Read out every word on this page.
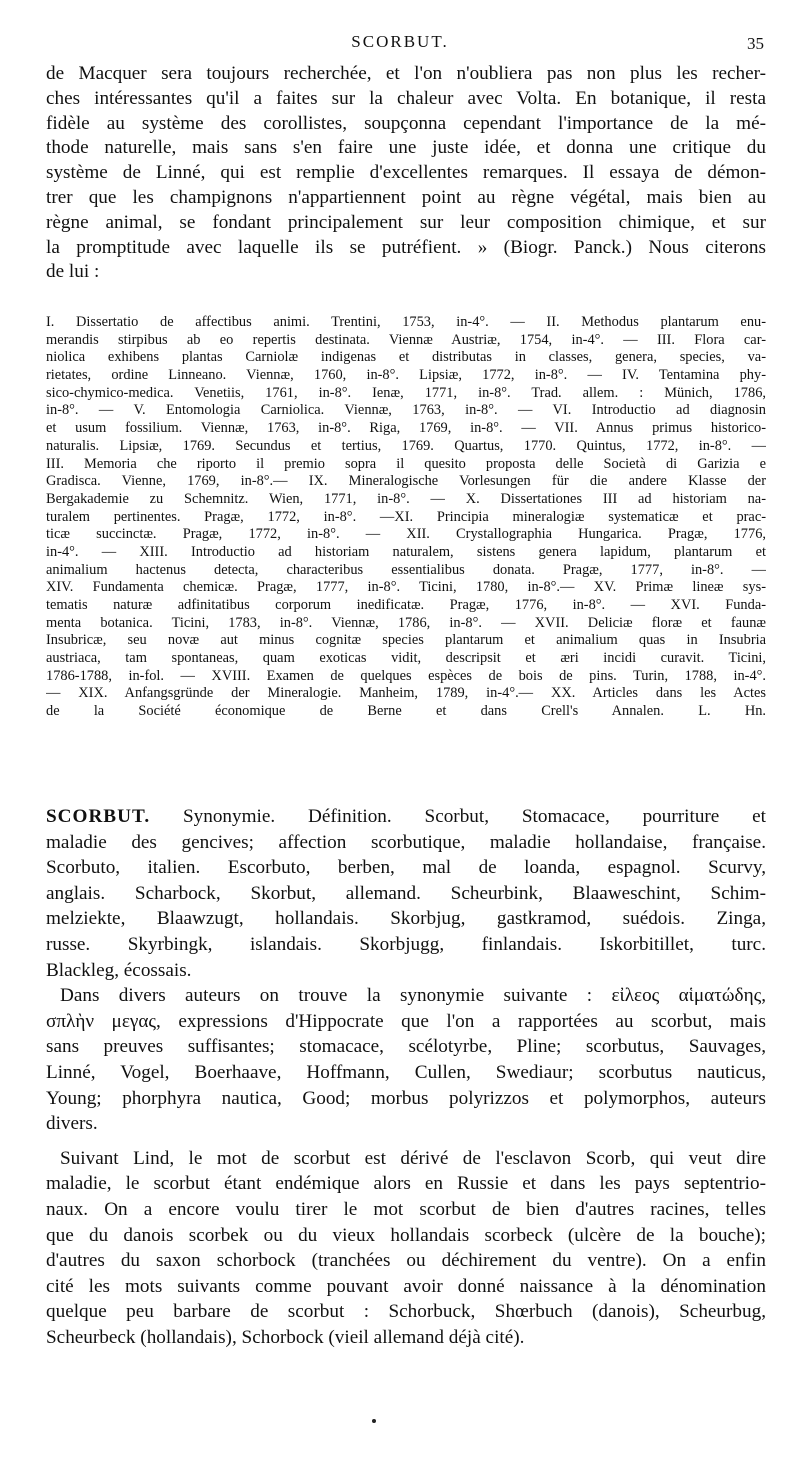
SCORBUT.	35
de Macquer sera toujours recherchée, et l'on n'oubliera pas non plus les recher-
ches intéressantes qu'il a faites sur la chaleur avec Volta. En botanique, il resta
fidèle au système des corollistes, soupçonna cependant l'importance de la mé-
thode naturelle, mais sans s'en faire une juste idée, et donna une critique du
système de Linné, qui est remplie d'excellentes remarques. Il essaya de démon-
trer que les champignons n'appartiennent point au règne végétal, mais bien au
règne animal, se fondant principalement sur leur composition chimique, et sur
la promptitude avec laquelle ils se putréfient. » (Biogr. Panck.) Nous citerons
de lui :
I. Dissertatio de affectibus animi. Trentini, 1753, in-4°. — II. Methodus plantarum enu-
merandis stirpibus ab eo repertis destinata. Viennæ Austriæ, 1754, in-4°. — III. Flora car-
niolica exhibens plantas Carniolæ indigenas et distributas in classes, genera, species, va-
rietates, ordine Linneano. Viennæ, 1760, in-8°. Lipsiæ, 1772, in-8°. — IV. Tentamina phy-
sico-chymico-medica. Venetiis, 1761, in-8°. Ienæ, 1771, in-8°. Trad. allem. : Münich, 1786,
in-8°. — V. Entomologia Carniolica. Viennæ, 1763, in-8°. — VI. Introductio ad diagnosin
et usum fossilium. Viennæ, 1763, in-8°. Riga, 1769, in-8°. — VII. Annus primus historico-
naturalis. Lipsiæ, 1769. Secundus et tertius, 1769. Quartus, 1770. Quintus, 1772, in-8°. —
III. Memoria che riporto il premio sopra il quesito proposta delle Società di Garizia e
Gradisca. Vienne, 1769, in-8°.— IX. Mineralogische Vorlesungen für die andere Klasse der
Bergakademie zu Schemnitz. Wien, 1771, in-8°. — X. Dissertationes III ad historiam na-
turalem pertinentes. Pragæ, 1772, in-8°. —XI. Principia mineralogiæ systematicæ et prac-
ticæ succinctæ. Pragæ, 1772, in-8°. — XII. Crystallographia Hungarica. Pragæ, 1776,
in-4°. — XIII. Introductio ad historiam naturalem, sistens genera lapidum, plantarum et
animalium hactenus detecta, characteribus essentialibus donata. Pragæ, 1777, in-8°. —
XIV. Fundamenta chemicæ. Pragæ, 1777, in-8°. Ticini, 1780, in-8°.— XV. Primæ lineæ sys-
tematis naturæ adfinitatibus corporum inedificatæ. Pragæ, 1776, in-8°. — XVI. Funda-
menta botanica. Ticini, 1783, in-8°. Viennæ, 1786, in-8°. — XVII. Deliciæ floræ et faunæ
Insubricæ, seu novæ aut minus cognitæ species plantarum et animalium quas in Insubria
austriaca, tam spontaneas, quam exoticas vidit, descripsit et æri incidi curavit. Ticini,
1786-1788, in-fol. — XVIII. Examen de quelques espèces de bois de pins. Turin, 1788, in-4°.
— XIX. Anfangsgründe der Mineralogie. Manheim, 1789, in-4°.— XX. Articles dans les Actes
de la Société économique de Berne et dans Crell's Annalen. L. Hn.
SCORBUT. Synonymie. Définition. Scorbut, Stomacace, pourriture et
maladie des gencives; affection scorbutique, maladie hollandaise, française.
Scorbuto, italien. Escorbuto, berben, mal de loanda, espagnol. Scurvy,
anglais. Scharbock, Skorbut, allemand. Scheurbink, Blaaweschint, Schim-
melziekte, Blaawzugt, hollandais. Skorbjug, gastkramod, suédois. Zinga,
russe. Skyrbingk, islandais. Skorbjugg, finlandais. Iskorbitillet, turc.
Blackleg, écossais.
Dans divers auteurs on trouve la synonymie suivante : εἰλεος αἱματώδης,
σπλὴν μεγας, expressions d'Hippocrate que l'on a rapportées au scorbut, mais
sans preuves suffisantes; stomacace, scélotyrbe, Pline; scorbutus, Sauvages,
Linné, Vogel, Boerhaave, Hoffmann, Cullen, Swediaur; scorbutus nauticus,
Young; phorphyra nautica, Good; morbus polyrizzos et polymorphos, auteurs
divers.
Suivant Lind, le mot de scorbut est dérivé de l'esclavon Scorb, qui veut dire
maladie, le scorbut étant endémique alors en Russie et dans les pays septentrio-
naux. On a encore voulu tirer le mot scorbut de bien d'autres racines, telles
que du danois scorbek ou du vieux hollandais scorbeck (ulcère de la bouche);
d'autres du saxon schorbock (tranchées ou déchirement du ventre). On a enfin
cité les mots suivants comme pouvant avoir donné naissance à la dénomination
quelque peu barbare de scorbut : Schorbuck, Shœrbuch (danois), Scheurbug,
Scheurbeck (hollandais), Schorbock (vieil allemand déjà cité).
